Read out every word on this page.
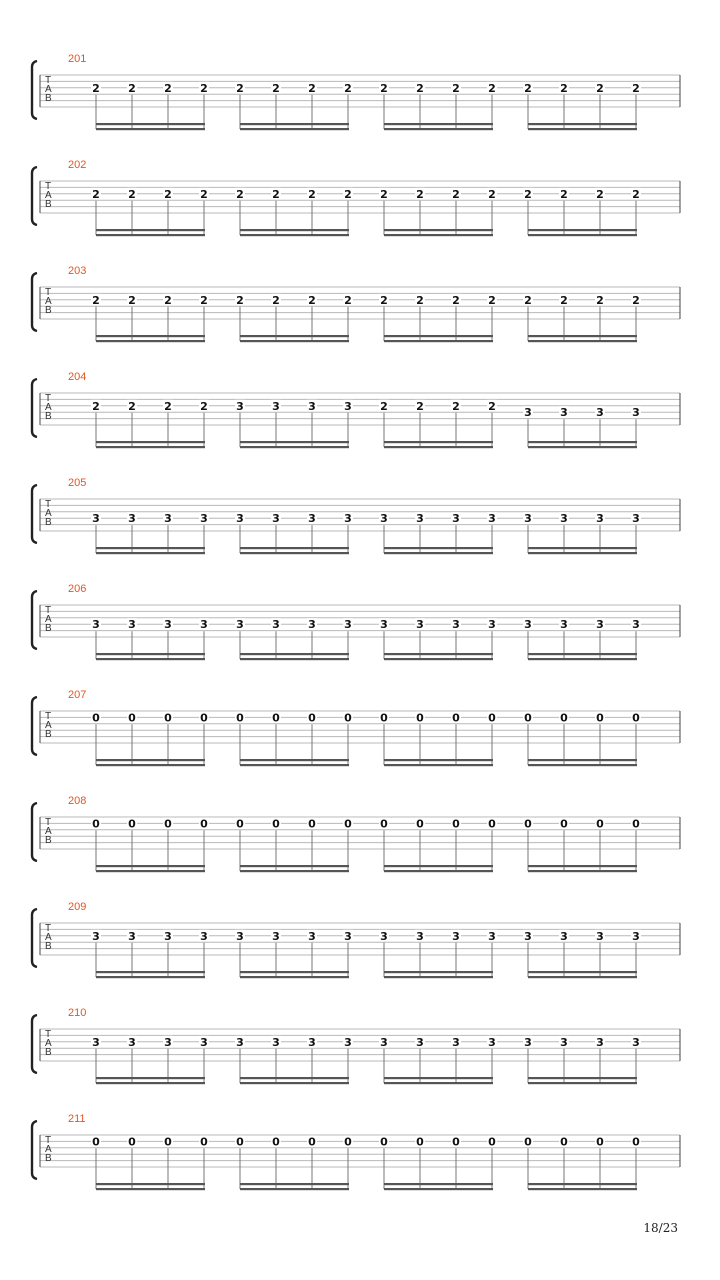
201
T
A
B
2	2	2	2	2	2	2	2	2	2	2	2	2	2	2	2
202
T
A
B
2	2	2	2	2	2	2	2	2	2	2	2	2	2	2	2
203
T
A
B
2	2	2	2	2	2	2	2	2	2	2	2	2	2	2	2
204
T
A
B
2	2	2	2	3	3	3	3	2	2	2	2	3	3	3	3
205
T
A
B	3	3	3	3	3	3	3	3	3	3	3	3	3	3	3	3
206
T
A
B	3	3	3	3	3	3	3	3	3	3	3	3	3	3	3	3
207
T
A
B
0	0	0	0	0	0	0	0	0	0	0	0	0	0	0	0
208
T
A
B
0	0	0	0	0	0	0	0	0	0	0	0	0	0	0	0
209
T
A
B
3	3	3	3	3	3	3	3	3	3	3	3	3	3	3	3
210
T
A
B
3	3	3	3	3	3	3	3	3	3	3	3	3	3	3	3
211
T
A
B
0	0	0	0	0	0	0	0	0	0	0	0	0	0	0	0
18/23
